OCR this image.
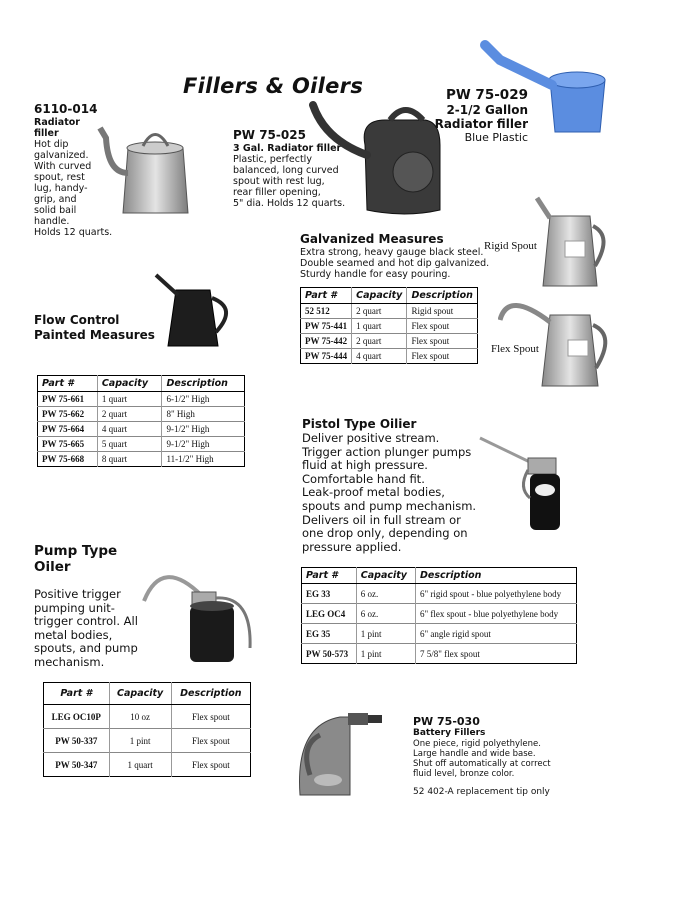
Fillers & Oilers
6110-014
Radiator
filler
Hot dip
galvanized.
With curved
spout, rest
lug, handy-
grip, and
solid bail
handle.
Holds 12 quarts.
PW 75-025
3 Gal. Radiator filler
Plastic, perfectly
balanced, long curved
spout with rest lug,
rear filler opening,
5" dia. Holds 12 quarts.
PW 75-029
2-1/2 Gallon
Radiator filler
Blue Plastic
Galvanized Measures
Extra strong, heavy gauge black steel.
Double seamed and hot dip galvanized.
Sturdy handle for easy pouring.
Rigid Spout
Flex Spout
Part #	Capacity	Description
52 512	2 quart	Rigid spout
PW 75-441	1 quart	Flex spout
PW 75-442	2 quart	Flex spout
PW 75-444	4 quart	Flex spout
Flow Control
Painted Measures
Part #	Capacity	Description
PW 75-661	1 quart	6-1/2" High
PW 75-662	2 quart	8" High
PW 75-664	4 quart	9-1/2" High
PW 75-665	5 quart	9-1/2" High
PW 75-668	8 quart	11-1/2" High
Pistol Type Oilier
Deliver positive stream.
Trigger action plunger pumps
fluid at high pressure.
Comfortable hand fit.
Leak-proof metal bodies,
spouts and pump mechanism.
Delivers oil in full stream or
one drop only, depending on
pressure applied.
Part #	Capacity	Description
EG 33	6 oz.	6" rigid spout - blue polyethylene body
LEG OC4	6 oz.	6" flex spout - blue polyethylene body
EG 35	1 pint	6" angle rigid spout
PW 50-573	1 pint	7 5/8" flex spout
Pump Type
Oiler
Positive trigger
pumping unit-
trigger control. All
metal bodies,
spouts, and pump
mechanism.
Part #	Capacity	Description
LEG OC10P	10 oz	Flex spout
PW 50-337	1 pint	Flex spout
PW 50-347	1 quart	Flex spout
PW 75-030
Battery Fillers
One piece, rigid polyethylene.
Large handle and wide base.
Shut off automatically at correct
fluid level, bronze color.
52 402-A replacement tip only
